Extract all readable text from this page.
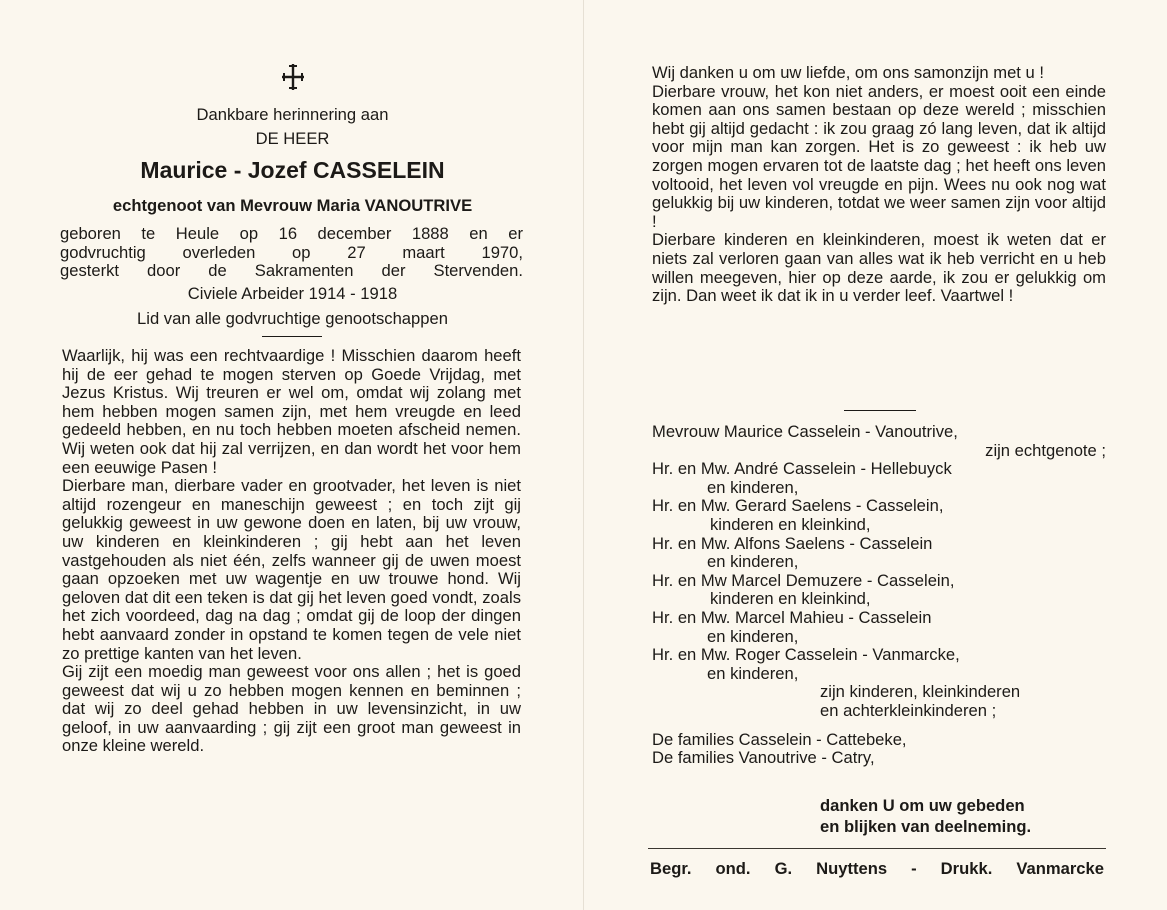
Dankbare herinnering aan
DE HEER
Maurice - Jozef CASSELEIN
echtgenoot van Mevrouw Maria VANOUTRIVE

geboren te Heule op 16 december 1888 en er

godvruchtig overleden op 27 maart 1970,

gesterkt door de Sakramenten der Stervenden.

Civiele Arbeider 1914 - 1918
Lid van alle godvruchtige genootschappen

Waarlijk, hij was een rechtvaardige ! Misschien daarom heeft hij de eer gehad te mogen sterven op Goede Vrijdag, met Jezus Kristus. Wij treuren er wel om, omdat wij zolang met hem hebben mogen samen zijn, met hem vreugde en leed gedeeld hebben, en nu toch hebben moeten afscheid nemen. Wij weten ook dat hij zal verrijzen, en dan wordt het voor hem een eeuwige Pasen !

Dierbare man, dierbare vader en grootvader, het leven is niet altijd rozengeur en maneschijn geweest ; en toch zijt gij gelukkig geweest in uw gewone doen en laten, bij uw vrouw, uw kinderen en kleinkinderen ; gij hebt aan het leven vastgehouden als niet één, zelfs wanneer gij de uwen moest gaan opzoeken met uw wagentje en uw trouwe hond. Wij geloven dat dit een teken is dat gij het leven goed vondt, zoals het zich voordeed, dag na dag ; omdat gij de loop der dingen hebt aanvaard zonder in opstand te komen tegen de vele niet zo prettige kanten van het leven.

Gij zijt een moedig man geweest voor ons allen ; het is goed geweest dat wij u zo hebben mogen kennen en beminnen ; dat wij zo deel gehad hebben in uw levensinzicht, in uw geloof, in uw aanvaarding ; gij zijt een groot man geweest in onze kleine wereld.

Wij danken u om uw liefde, om ons samonzijn met u !

Dierbare vrouw, het kon niet anders, er moest ooit een einde komen aan ons samen bestaan op deze wereld ; misschien hebt gij altijd gedacht : ik zou graag zó lang leven, dat ik altijd voor mijn man kan zorgen. Het is zo geweest : ik heb uw zorgen mogen ervaren tot de laatste dag ; het heeft ons leven voltooid, het leven vol vreugde en pijn. Wees nu ook nog wat gelukkig bij uw kinderen, totdat we weer samen zijn voor altijd !

Dierbare kinderen en kleinkinderen, moest ik weten dat er niets zal verloren gaan van alles wat ik heb verricht en u heb willen meegeven, hier op deze aarde, ik zou er gelukkig om zijn. Dan weet ik dat ik in u verder leef. Vaartwel !

Mevrouw Maurice Casselein - Vanoutrive,
zijn echtgenote ;
Hr. en Mw. André Casselein - Hellebuyck
en kinderen,
Hr. en Mw. Gerard Saelens - Casselein,
kinderen en kleinkind,
Hr. en Mw. Alfons Saelens - Casselein
en kinderen,
Hr. en Mw Marcel Demuzere - Casselein,
kinderen en kleinkind,
Hr. en Mw. Marcel Mahieu - Casselein
en kinderen,
Hr. en Mw. Roger Casselein - Vanmarcke,
en kinderen,
zijn kinderen, kleinkinderen
en achterkleinkinderen ;
De families Casselein - Cattebeke,
De families Vanoutrive - Catry,
danken U om uw gebeden
en blijken van deelneming.
Begr. ond. G. Nuyttens - Drukk. Vanmarcke
